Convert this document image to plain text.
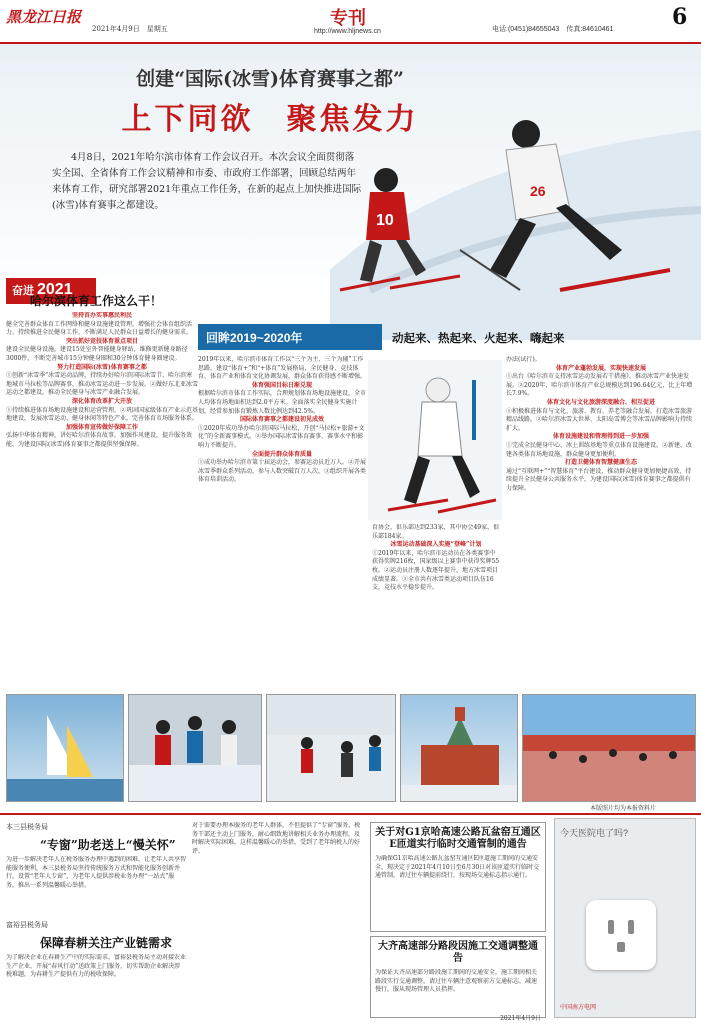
黑龙江日报
2021年4月9日　星期五	专刊
http://www.hljnews.cn	电话:(0451)84655043　传真:84610461	6
创建“国际(冰雪)体育赛事之都”
上下同欲　聚焦发力
4月8日，2021年哈尔滨市体育工作会议召开。本次会议全面贯彻落实全国、全省体育工作会议精神和市委、市政府工作部署，回顾总结两年来体育工作，研究部署2021年重点工作任务，在新的起点上加快推进国际(冰雪)体育赛事之都建设。
10
26
奋进 2021
哈尔滨体育工作这么干！
坚持首办实事惠民利民

健全完善群众体育工作网络和健身设施建设管理，增强社会体育组织活力。持续推进全民健身工作，不断满足人民群众日益增长的健身需求。

突出抓好竞技体育重点项目

建设全民健身设施，建设15处室外智能健身驿站，维修更新健身路径3000件，不断完善城市15分钟健身圈和30分钟体育健身圈建设。

努力打造国际(冰雪)体育赛事之都

①创新“冰雪季”冰雪运动品牌，持续办好哈尔滨国际冰雪节、哈尔滨寒地城市马拉松等品牌赛事，推动冰雪运动进一步发展。②做好东北亚冰雪运动之都建设，推动全民健身与冰雪产业融合发展。

深化体育改革扩大开放

①持续推进体育场地设施建设和运营管理。②巩固国家级体育产业示范基地建设，发展冰雪运动、健身休闲等特色产业，完善体育市场服务体系。

加强体育宣传做好保障工作

弘扬中华体育精神，讲好哈尔滨体育故事，加强作风建设，提升服务效能，为建设国际(冰雪)体育赛事之都提供坚强保障。

回眸2019~2020年	动起来、热起来、火起来、嗨起来

2019年以来，哈尔滨市体育工作以“三个为主、三个为辅”工作思路，建设“体育+”和“+体育”发展格局，全民健身、竞技体育、体育产业和体育文化协调发展，群众体育获得感不断增强。

体育强国目标日渐兑现

根据哈尔滨市体育工作实际，合理规划体育场地设施建设，全市人均体育场地面积达到2.0平方米。全面落实全民健身实施计划，经常参加体育锻炼人数比例达到42.5%。

国际体育赛事之都建设初见成效

①2020年成功举办哈尔滨国际马拉松，开创“马拉松+旅游+文化”的全新赛事模式。②举办国际冰雪体育赛事，赛事水平和影响力不断提升。

全面提升群众体育质量

①成功举办哈尔滨市第十届运动会，参赛运动员近万人。②开展冰雪季群众系列活动，参与人数突破百万人次。③组织开展各类体育培训活动。

育协会，俱乐部达到233家，其中协会49家，俱乐部184家。

冰雪运动基础深入实施“登峰”计划

①2019年以来，哈尔滨市运动员在各类赛事中获得奖牌216枚，国家级以上赛事中获得奖牌55枚。②运动员注册人数逐年提升，地方冰雪项目成绩显著。③全市共有冰雪类运动项目队伍16支，竞技水平稳步提升。

办法(试行)。

体育产业蓬勃发展，实现快速发展

①出台《哈尔滨市支持冰雪运动发展若干措施》，推动冰雪产业快速发展。②2020年，哈尔滨市体育产业总规模达到196.64亿元，比上年增长7.9%。

体育文化与文化旅游深度融合、相互促进

①积极推进体育与文化、旅游、教育、养老等融合发展，打造冰雪旅游精品线路。②哈尔滨冰雪大世界、太阳岛雪博会等冰雪品牌影响力持续扩大。

体育设施建设和管理得到进一步加强

①完成全民健身中心、冰上训练基地等重点体育设施建设。②新建、改建各类体育场地设施，群众健身更加便利。

打造卫健体育智慧健康生态

通过“互联网+”“智慧体育”平台建设，推动群众健身更加便捷高效，持续提升全民健身公共服务水平，为建设国际(冰雪)体育赛事之都提供有力保障。

本版照片均为本报资料片
本三县税务局
“专窗”助老送上“慢关怀”
为进一步解决老年人在税务服务办理中遇到的困难，让老年人共享智能服务便利，本三县税务局坚持传统服务方式和智能化服务创新并行，设置“老年人专窗”，为老年人提供涉税业务办理“一站式”服务，推出一系列温馨暖心举措。
富裕县税务局
保障春耕关注产业链需求
为了解决企业在春耕生产中的实际需求，富裕县税务局主动对接农业生产企业，开展“春风行动”送政策上门服务，切实帮助企业解决涉税难题，为春耕生产提供有力的税收保障。
对于需要办理本服务的老年人群体，不但提供了“专窗”服务，税务干部还主动上门服务，耐心细致地讲解相关业务办理流程，及时解决实际困难。这样温馨暖心的举措，受到了老年纳税人的好评。
关于对G1京哈高速公路瓦盆窑互通区E匝道实行临时交通管制的通告
为确保G1京哈高速公路瓦盆窑互通区E匝道施工期间的交通安全，现决定于2021年4月10日至6月30日对该匝道实行临时交通管制，请过往车辆提前绕行，按现场交通标志指示通行。
大齐高速部分路段因施工交通调整通告
为保证大齐高速部分路段施工期间的交通安全，施工期间相关路段实行交通调整，请过往车辆注意观察前方交通标志，减速慢行，服从现场管理人员指挥。
2021年4月9日
今天医院电了吗?
中国南方电网
